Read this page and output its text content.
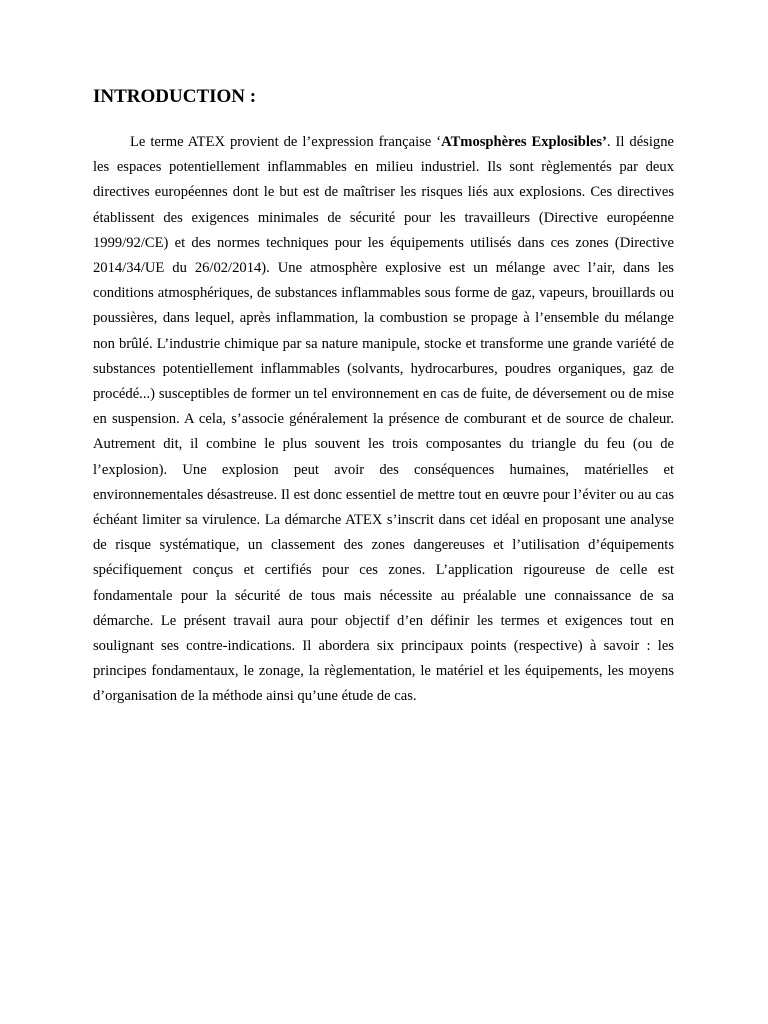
INTRODUCTION :

Le terme ATEX provient de l’expression française ‘ATmosphères Explosibles’. Il désigne les espaces potentiellement inflammables en milieu industriel. Ils sont règlementés par deux directives européennes dont le but est de maîtriser les risques liés aux explosions. Ces directives établissent des exigences minimales de sécurité pour les travailleurs (Directive européenne 1999/92/CE) et des normes techniques pour les équipements utilisés dans ces zones (Directive 2014/34/UE du 26/02/2014). Une atmosphère explosive est un mélange avec l’air, dans les conditions atmosphériques, de substances inflammables sous forme de gaz, vapeurs, brouillards ou poussières, dans lequel, après inflammation, la combustion se propage à l’ensemble du mélange non brûlé. L’industrie chimique par sa nature manipule, stocke et transforme une grande variété de substances potentiellement inflammables (solvants, hydrocarbures, poudres organiques, gaz de procédé...) susceptibles de former un tel environnement en cas de fuite, de déversement ou de mise en suspension. A cela, s’associe généralement la présence de comburant et de source de chaleur. Autrement dit, il combine le plus souvent les trois composantes du triangle du feu (ou de l’explosion). Une explosion peut avoir des conséquences humaines, matérielles et environnementales désastreuse. Il est donc essentiel de mettre tout en œuvre pour l’éviter ou au cas échéant limiter sa virulence. La démarche ATEX s’inscrit dans cet idéal en proposant une analyse de risque systématique, un classement des zones dangereuses et l’utilisation d’équipements spécifiquement conçus et certifiés pour ces zones. L’application rigoureuse de celle est fondamentale pour la sécurité de tous mais nécessite au préalable une connaissance de sa démarche. Le présent travail aura pour objectif d’en définir les termes et exigences tout en soulignant ses contre-indications. Il abordera six principaux points (respective) à savoir : les principes fondamentaux, le zonage, la règlementation, le matériel et les équipements, les moyens d’organisation de la méthode ainsi qu’une étude de cas.
